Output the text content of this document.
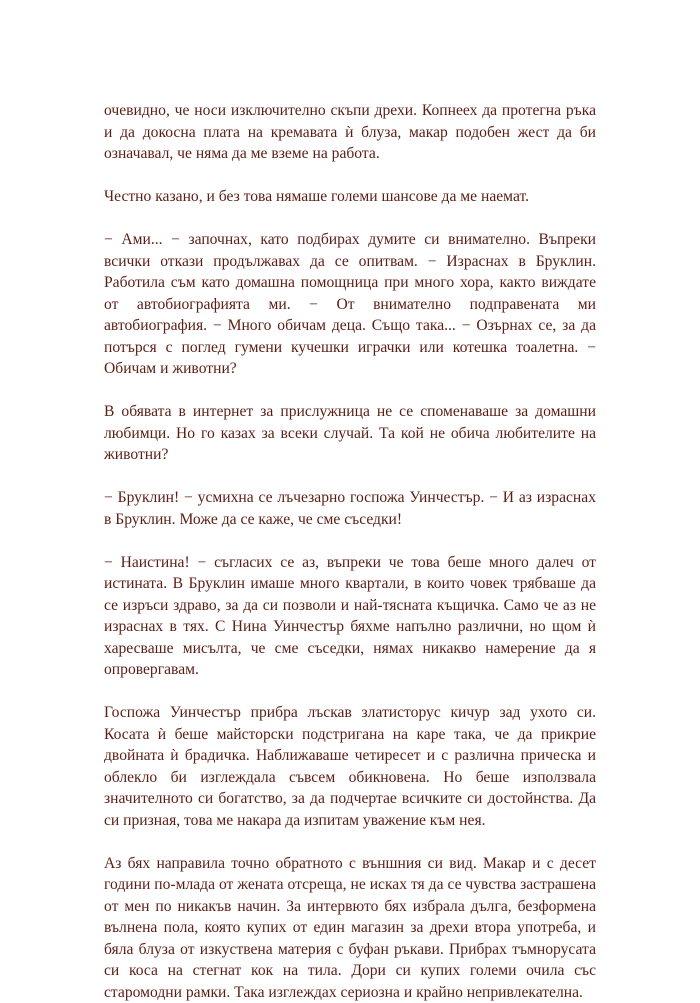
очевидно, че носи изключително скъпи дрехи. Копнеех да протегна ръка и да докосна плата на кремавата ѝ блуза, макар подобен жест да би означавал, че няма да ме вземе на работа.

Честно казано, и без това нямаше големи шансове да ме наемат.

− Ами... − започнах, като подбирах думите си внимателно. Въпреки всички откази продължавах да се опитвам. − Израснах в Бруклин. Работила съм като домашна помощница при много хора, както виждате от автобиографията ми. − От внимателно подправената ми автобиография. − Много обичам деца. Също така... − Озърнах се, за да потърся с поглед гумени кучешки играчки или котешка тоалетна. − Обичам и животни?

В обявата в интернет за прислужница не се споменаваше за домашни любимци. Но го казах за всеки случай. Та кой не обича любителите на животни?

− Бруклин! − усмихна се лъчезарно госпожа Уинчестър. − И аз израснах в Бруклин. Може да се каже, че сме съседки!

− Наистина! − съгласих се аз, въпреки че това беше много далеч от истината. В Бруклин имаше много квартали, в които човек трябваше да се изръси здраво, за да си позволи и най-тясната къщичка. Само че аз не израснах в тях. С Нина Уинчестър бяхме напълно различни, но щом ѝ харесваше мисълта, че сме съседки, нямах никакво намерение да я опровергавам.

Госпожа Уинчестър прибра лъскав златисторус кичур зад ухото си. Косата ѝ беше майсторски подстригана на каре така, че да прикрие двойната ѝ брадичка. Наближаваше четиресет и с различна прическа и облекло би изглеждала съвсем обикновена. Но беше използвала значителното си богатство, за да подчертае всичките си достойнства. Да си призная, това ме накара да изпитам уважение към нея.

Аз бях направила точно обратното с външния си вид. Макар и с десет години по-млада от жената отсреща, не исках тя да се чувства застрашена от мен по никакъв начин. За интервюто бях избрала дълга, безформена вълнена пола, която купих от един магазин за дрехи втора употреба, и бяла блуза от изкуствена материя с буфан ръкави. Прибрах тъмнорусата си коса на стегнат кок на тила. Дори си купих големи очила със старомодни рамки. Така изглеждах сериозна и крайно непривлекателна.
